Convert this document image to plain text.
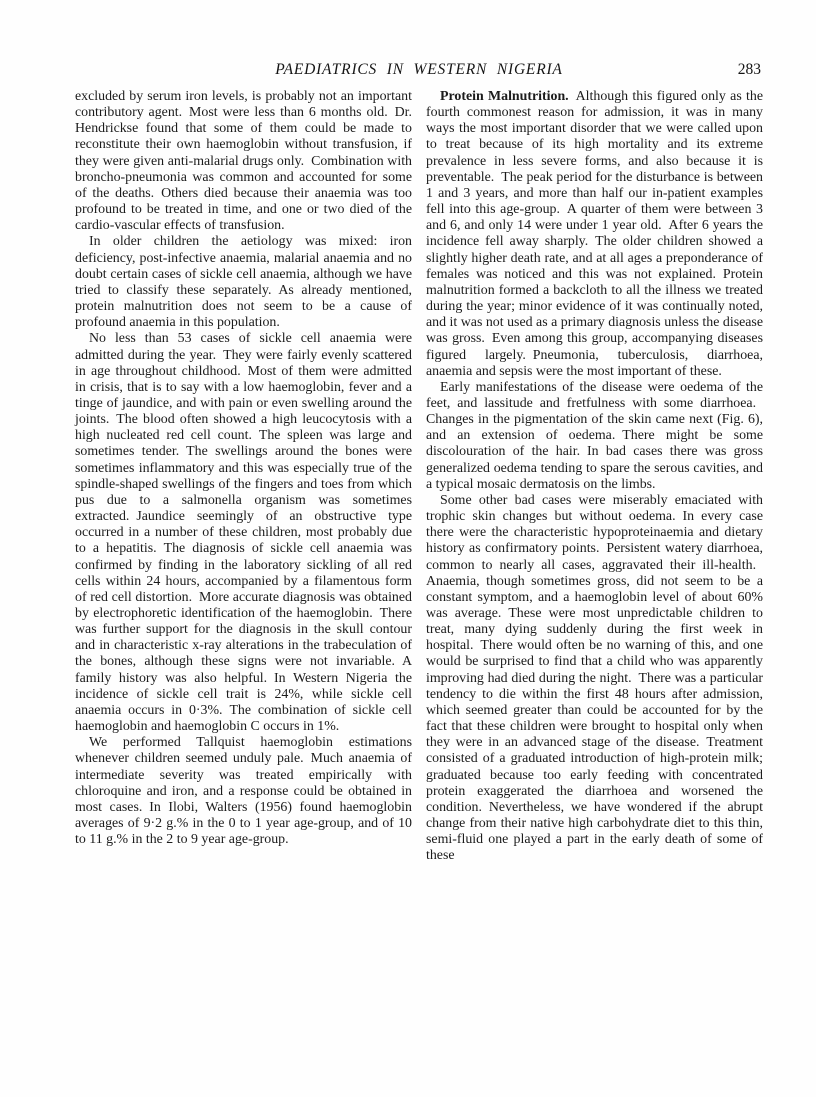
PAEDIATRICS IN WESTERN NIGERIA	283

excluded by serum iron levels, is probably not an important contributory agent. Most were less than 6 months old. Dr. Hendrickse found that some of them could be made to reconstitute their own haemoglobin without transfusion, if they were given anti-malarial drugs only. Combination with broncho-pneumonia was common and accounted for some of the deaths. Others died because their anaemia was too profound to be treated in time, and one or two died of the cardio-vascular effects of transfusion.

In older children the aetiology was mixed: iron deficiency, post-infective anaemia, malarial anaemia and no doubt certain cases of sickle cell anaemia, although we have tried to classify these separately. As already mentioned, protein malnutrition does not seem to be a cause of profound anaemia in this population.

No less than 53 cases of sickle cell anaemia were admitted during the year. They were fairly evenly scattered in age throughout childhood. Most of them were admitted in crisis, that is to say with a low haemoglobin, fever and a tinge of jaundice, and with pain or even swelling around the joints. The blood often showed a high leucocytosis with a high nucleated red cell count. The spleen was large and sometimes tender. The swellings around the bones were sometimes inflammatory and this was especially true of the spindle-shaped swellings of the fingers and toes from which pus due to a salmonella organism was sometimes extracted. Jaundice seemingly of an obstructive type occurred in a number of these children, most probably due to a hepatitis. The diagnosis of sickle cell anaemia was confirmed by finding in the laboratory sickling of all red cells within 24 hours, accompanied by a filamentous form of red cell distortion. More accurate diagnosis was obtained by electrophoretic identification of the haemoglobin. There was further support for the diagnosis in the skull contour and in characteristic x-ray alterations in the trabeculation of the bones, although these signs were not invariable. A family history was also helpful. In Western Nigeria the incidence of sickle cell trait is 24%, while sickle cell anaemia occurs in 0·3%. The combination of sickle cell haemoglobin and haemoglobin C occurs in 1%.

We performed Tallquist haemoglobin estimations whenever children seemed unduly pale. Much anaemia of intermediate severity was treated empirically with chloroquine and iron, and a response could be obtained in most cases. In Ilobi, Walters (1956) found haemoglobin averages of 9·2 g.% in the 0 to 1 year age-group, and of 10 to 11 g.% in the 2 to 9 year age-group.

Protein Malnutrition.  Although this figured only as the fourth commonest reason for admission, it was in many ways the most important disorder that we were called upon to treat because of its high mortality and its extreme prevalence in less severe forms, and also because it is preventable. The peak period for the disturbance is between 1 and 3 years, and more than half our in-patient examples fell into this age-group. A quarter of them were between 3 and 6, and only 14 were under 1 year old. After 6 years the incidence fell away sharply. The older children showed a slightly higher death rate, and at all ages a preponderance of females was noticed and this was not explained. Protein malnutrition formed a backcloth to all the illness we treated during the year; minor evidence of it was continually noted, and it was not used as a primary diagnosis unless the disease was gross. Even among this group, accompanying diseases figured largely. Pneumonia, tuberculosis, diarrhoea, anaemia and sepsis were the most important of these.

Early manifestations of the disease were oedema of the feet, and lassitude and fretfulness with some diarrhoea. Changes in the pigmentation of the skin came next (Fig. 6), and an extension of oedema. There might be some discolouration of the hair. In bad cases there was gross generalized oedema tending to spare the serous cavities, and a typical mosaic dermatosis on the limbs.

Some other bad cases were miserably emaciated with trophic skin changes but without oedema. In every case there were the characteristic hypoproteinaemia and dietary history as confirmatory points. Persistent watery diarrhoea, common to nearly all cases, aggravated their ill-health. Anaemia, though sometimes gross, did not seem to be a constant symptom, and a haemoglobin level of about 60% was average. These were most unpredictable children to treat, many dying suddenly during the first week in hospital. There would often be no warning of this, and one would be surprised to find that a child who was apparently improving had died during the night. There was a particular tendency to die within the first 48 hours after admission, which seemed greater than could be accounted for by the fact that these children were brought to hospital only when they were in an advanced stage of the disease. Treatment consisted of a graduated introduction of high-protein milk; graduated because too early feeding with concentrated protein exaggerated the diarrhoea and worsened the condition. Nevertheless, we have wondered if the abrupt change from their native high carbohydrate diet to this thin, semi-fluid one played a part in the early death of some of these
